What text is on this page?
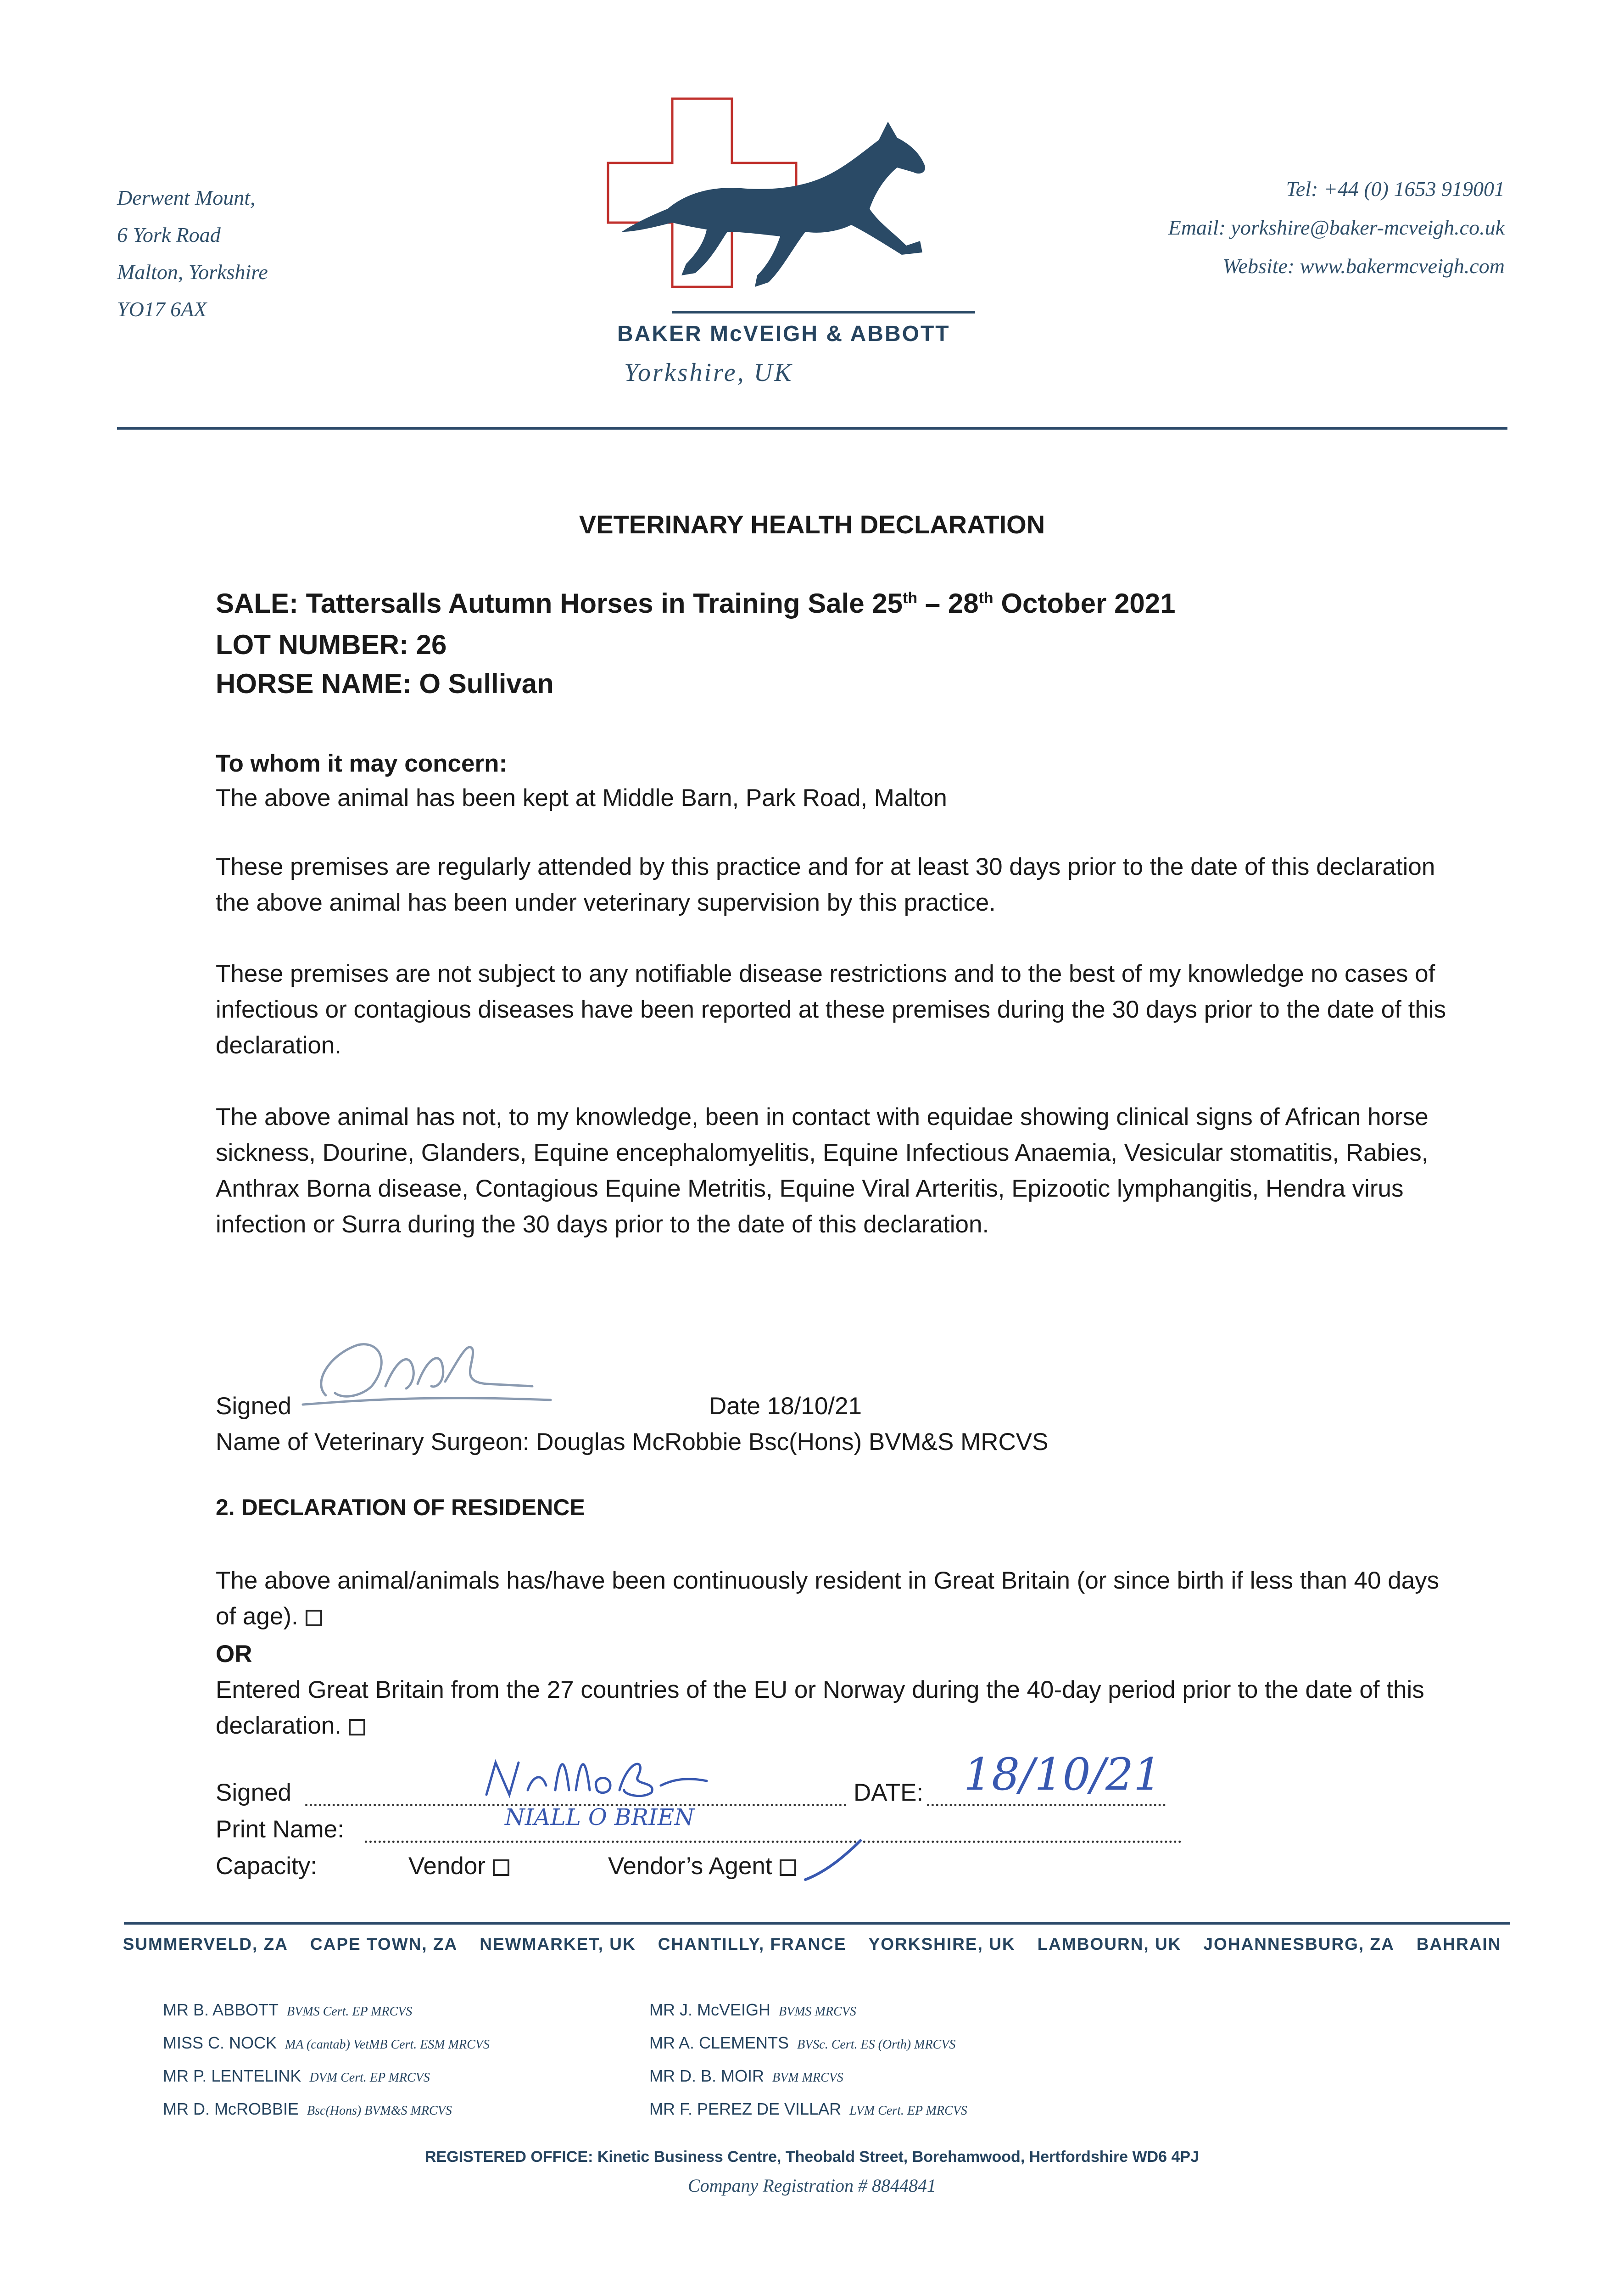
Derwent Mount,
6 York Road
Malton, Yorkshire
YO17 6AX
BAKER McVEIGH & ABBOTT
Yorkshire, UK
Tel: +44 (0) 1653 919001
Email: yorkshire@baker-mcveigh.co.uk
Website: www.bakermcveigh.com
VETERINARY HEALTH DECLARATION
SALE: Tattersalls Autumn Horses in Training Sale 25th – 28th October 2021
LOT NUMBER: 26
HORSE NAME: O Sullivan
To whom it may concern:
The above animal has been kept at Middle Barn, Park Road, Malton
These premises are regularly attended by this practice and for at least 30 days prior to the date of this declaration the above animal has been under veterinary supervision by this practice.
These premises are not subject to any notifiable disease restrictions and to the best of my knowledge no cases of infectious or contagious diseases have been reported at these premises during the 30 days prior to the date of this declaration.
The above animal has not, to my knowledge, been in contact with equidae showing clinical signs of African horse sickness, Dourine, Glanders, Equine encephalomyelitis, Equine Infectious Anaemia, Vesicular stomatitis, Rabies, Anthrax Borna disease, Contagious Equine Metritis, Equine Viral Arteritis, Epizootic lymphangitis, Hendra virus infection or Surra during the 30 days prior to the date of this declaration.
Signed	Date 18/10/21
Name of Veterinary Surgeon: Douglas McRobbie Bsc(Hons) BVM&S MRCVS
2. DECLARATION OF RESIDENCE
The above animal/animals has/have been continuously resident in Great Britain (or since birth if less than 40 days of age).
OR
Entered Great Britain from the 27 countries of the EU or Norway during the 40-day period prior to the date of this declaration.
Signed	DATE: 18/10/21
Print Name:	NIALL O BRIEN
Capacity:	Vendor	Vendor’s Agent
SUMMERVELD, ZA CAPE TOWN, ZA NEWMARKET, UK CHANTILLY, FRANCE YORKSHIRE, UK LAMBOURN, UK JOHANNESBURG, ZA BAHRAIN
MR B. ABBOTT BVMS Cert. EP MRCVS
MISS C. NOCK MA (cantab) VetMB Cert. ESM MRCVS
MR P. LENTELINK DVM Cert. EP MRCVS
MR D. McROBBIE Bsc(Hons) BVM&S MRCVS
MR J. McVEIGH BVMS MRCVS
MR A. CLEMENTS BVSc. Cert. ES (Orth) MRCVS
MR D. B. MOIR BVM MRCVS
MR F. PEREZ DE VILLAR LVM Cert. EP MRCVS
REGISTERED OFFICE: Kinetic Business Centre, Theobald Street, Borehamwood, Hertfordshire WD6 4PJ
Company Registration # 8844841
